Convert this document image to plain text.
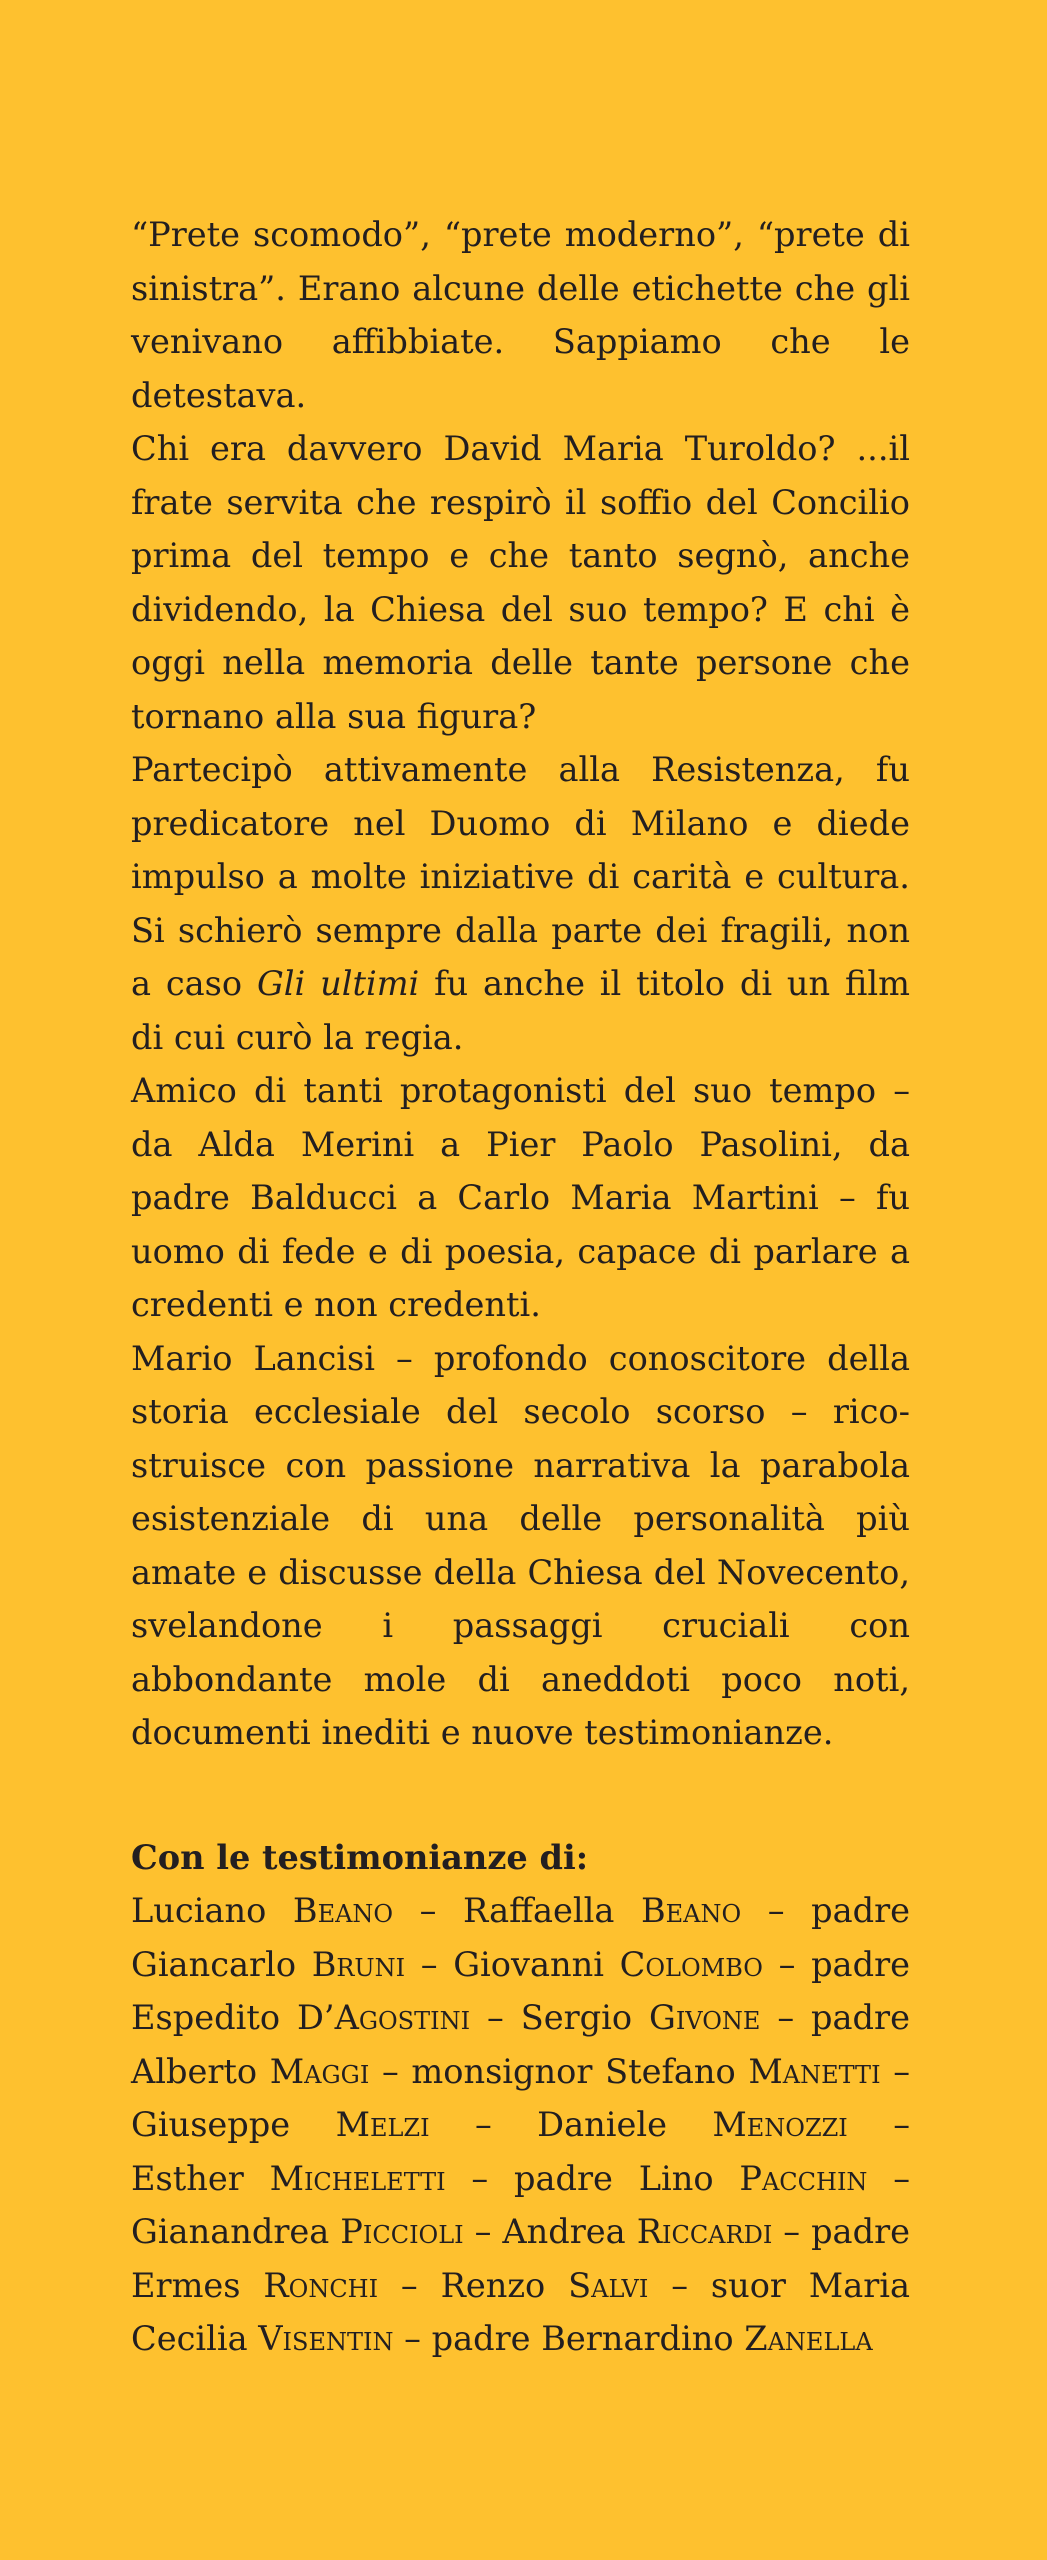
“Prete scomodo”, “prete moderno”, “prete di sinistra”. Erano alcune delle etichette che gli venivano affibbiate. Sappiamo che le detestava.

Chi era davvero David Maria Turoldo? ...il frate servita che respirò il soffio del Concilio prima del tempo e che tanto segnò, anche dividendo, la Chiesa del suo tempo? E chi è oggi nella memoria delle tante persone che tornano alla sua figura?

Partecipò attivamente alla Resistenza, fu predicatore nel Duomo di Milano e diede impulso a molte iniziative di carità e cultura. Si schierò sempre dalla parte dei fragili, non a caso Gli ultimi fu anche il titolo di un film di cui curò la regia.

Amico di tanti protagonisti del suo tempo – da Alda Merini a Pier Paolo Pasolini, da padre Balducci a Carlo Maria Martini – fu uomo di fede e di poesia, capace di parlare a credenti e non credenti.

Mario Lancisi – profondo conoscitore della storia ecclesiale del secolo scorso – ricostruisce con passione narrativa la parabola esistenziale di una delle personalità più amate e discusse della Chiesa del Novecento, svelandone i passaggi cruciali con abbondante mole di aneddoti poco noti, documenti inediti e nuove testimonianze.

Con le testimonianze di:

Luciano Beano – Raffaella Beano – padre Giancarlo Bruni – Giovanni Colombo – padre Espedito D’Agostini – Sergio Givone – padre Alberto Maggi – monsignor Stefano Manetti – Giuseppe Melzi – Daniele Menozzi – Esther Micheletti – padre Lino Pacchin – Gianandrea Piccioli – Andrea Riccardi – padre Ermes Ronchi – Renzo Salvi – suor Maria Cecilia Visentin – padre Bernardino Zanella
